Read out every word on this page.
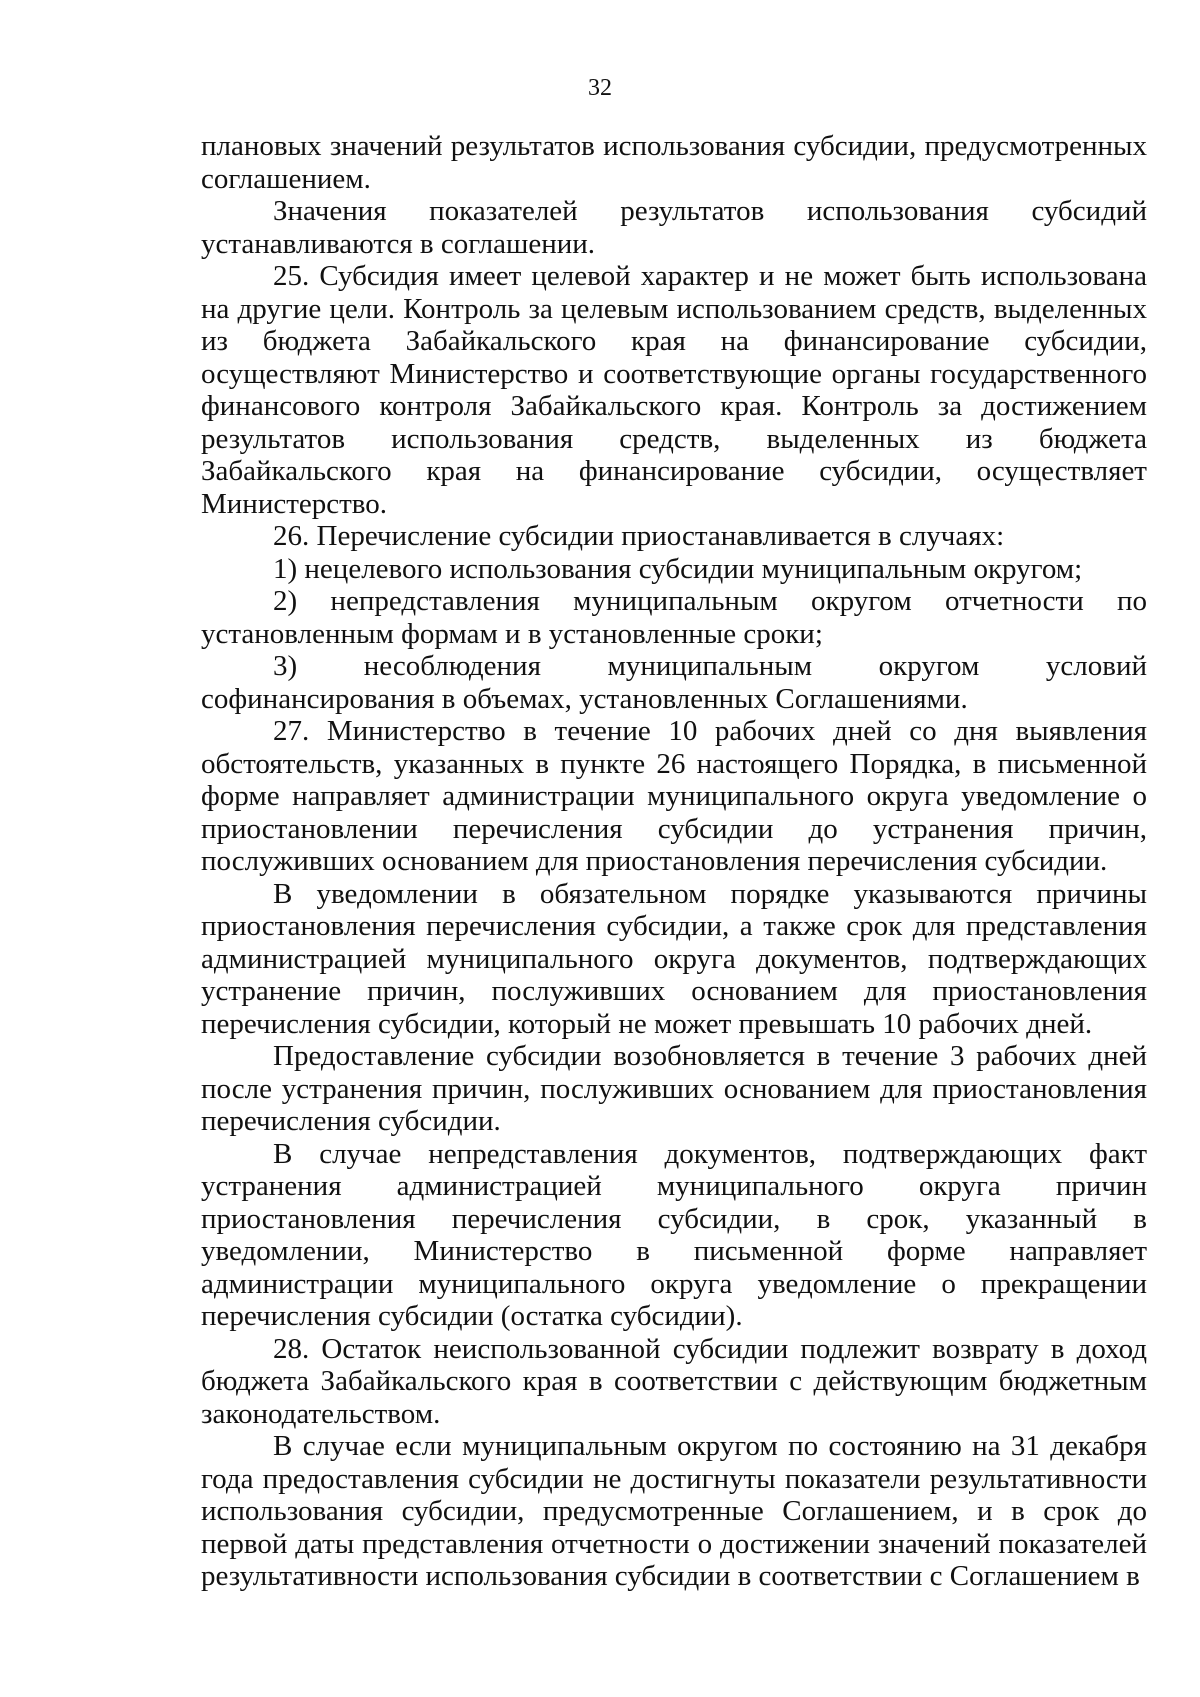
32

плановых значений результатов использования субсидии, предусмотренных соглашением.

Значения показателей результатов использования субсидий устанавливаются в соглашении.

25. Субсидия имеет целевой характер и не может быть использована на другие цели. Контроль за целевым использованием средств, выделенных из бюджета Забайкальского края на финансирование субсидии, осуществляют Министерство и соответствующие органы государственного финансового контроля Забайкальского края. Контроль за достижением результатов использования средств, выделенных из бюджета Забайкальского края на финансирование субсидии, осуществляет Министерство.

26. Перечисление субсидии приостанавливается в случаях:

1) нецелевого использования субсидии муниципальным округом;

2) непредставления муниципальным округом отчетности по установленным формам и в установленные сроки;

3) несоблюдения муниципальным округом условий софинансирования в объемах, установленных Соглашениями.

27. Министерство в течение 10 рабочих дней со дня выявления обстоятельств, указанных в пункте 26 настоящего Порядка, в письменной форме направляет администрации муниципального округа уведомление о приостановлении перечисления субсидии до устранения причин, послуживших основанием для приостановления перечисления субсидии.

В уведомлении в обязательном порядке указываются причины приостановления перечисления субсидии, а также срок для представления администрацией муниципального округа документов, подтверждающих устранение причин, послуживших основанием для приостановления перечисления субсидии, который не может превышать 10 рабочих дней.

Предоставление субсидии возобновляется в течение 3 рабочих дней после устранения причин, послуживших основанием для приостановления перечисления субсидии.

В случае непредставления документов, подтверждающих факт устранения администрацией муниципального округа причин приостановления перечисления субсидии, в срок, указанный в уведомлении, Министерство в письменной форме направляет администрации муниципального округа уведомление о прекращении перечисления субсидии (остатка субсидии).

28. Остаток неиспользованной субсидии подлежит возврату в доход бюджета Забайкальского края в соответствии с действующим бюджетным законодательством.

В случае если муниципальным округом по состоянию на 31 декабря года предоставления субсидии не достигнуты показатели результативности использования субсидии, предусмотренные Соглашением, и в срок до первой даты представления отчетности о достижении значений показателей результативности использования субсидии в соответствии с Соглашением в
